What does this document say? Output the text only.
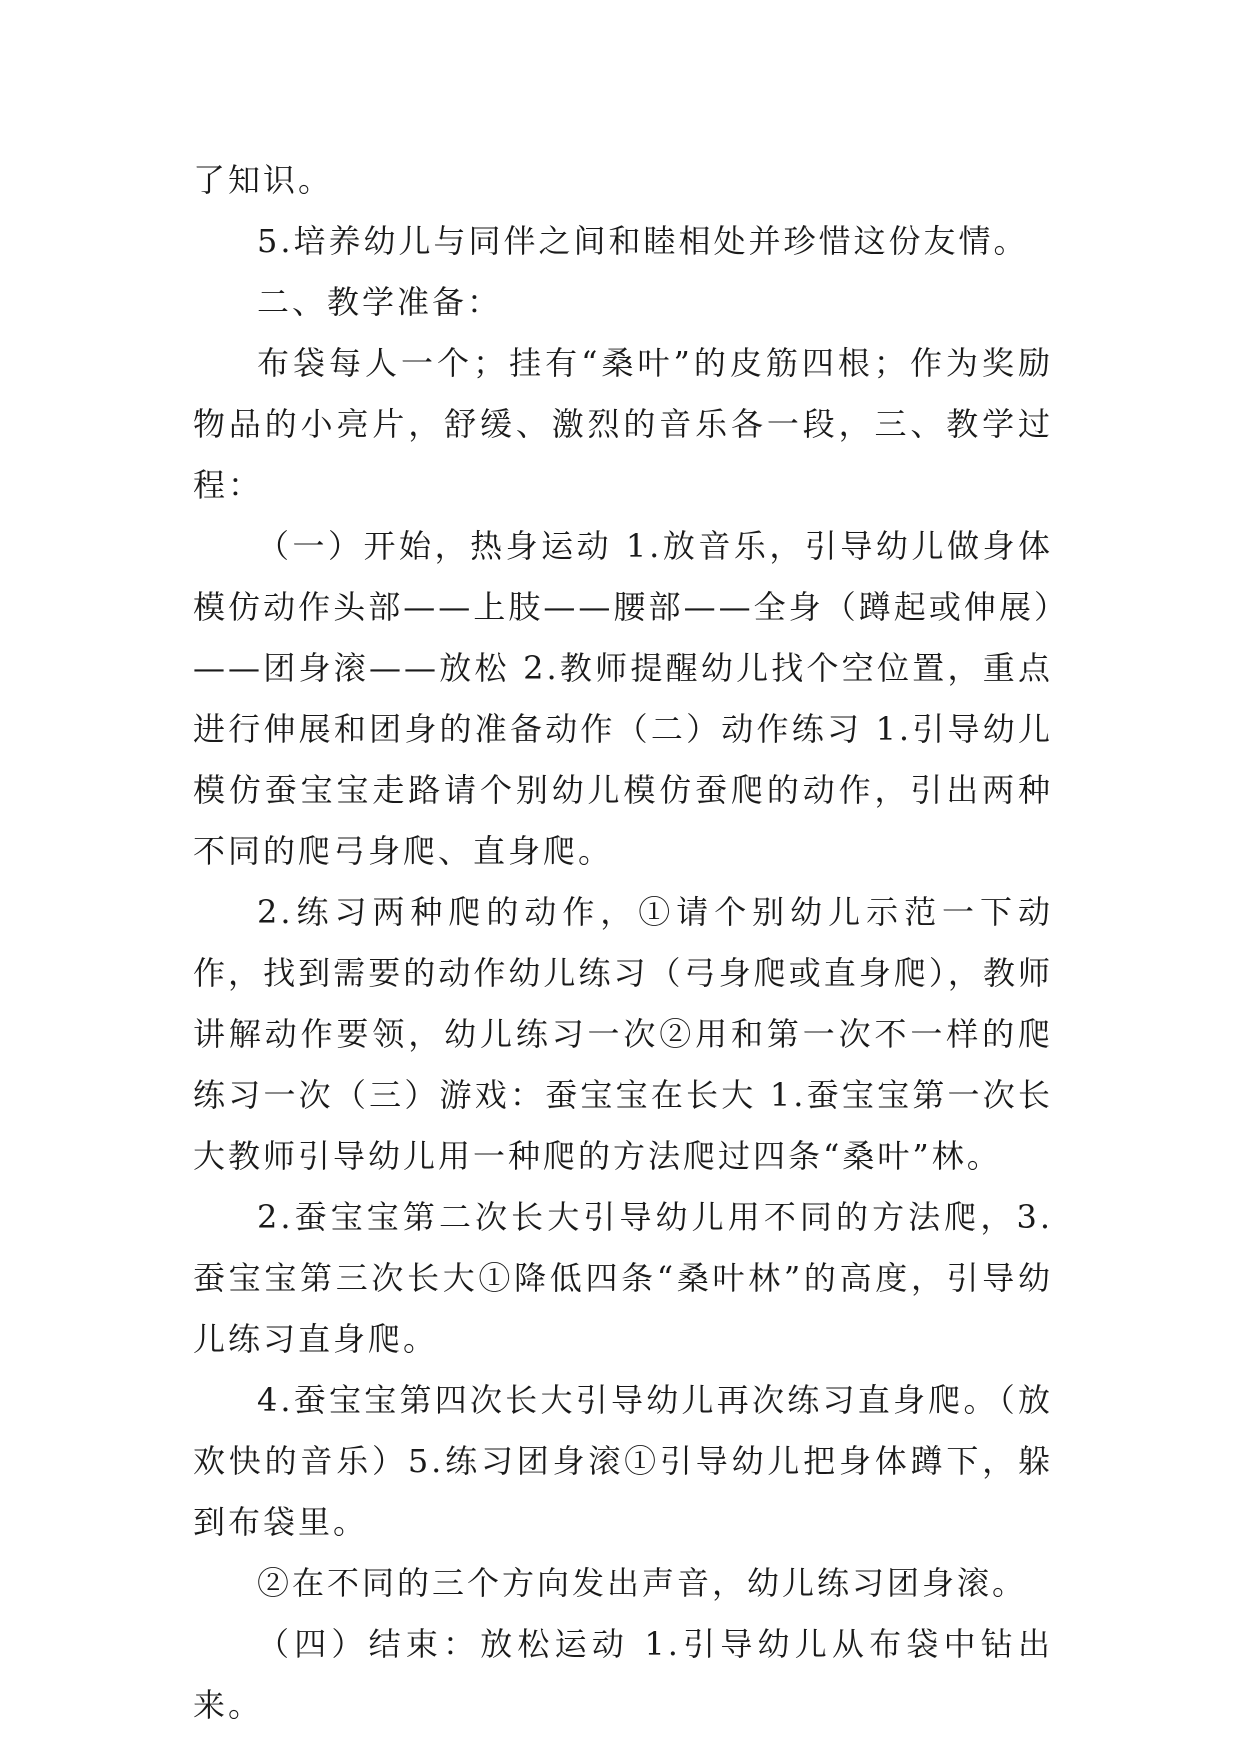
了知识。

5.培养幼儿与同伴之间和睦相处并珍惜这份友情。

二、教学准备：

布袋每人一个；挂有“桑叶”的皮筋四根；作为奖励物品的小亮片，舒缓、激烈的音乐各一段，三、教学过程：

（一）开始，热身运动 1.放音乐，引导幼儿做身体模仿动作头部——上肢——腰部——全身（蹲起或伸展）——团身滚——放松 2.教师提醒幼儿找个空位置，重点进行伸展和团身的准备动作（二）动作练习 1.引导幼儿模仿蚕宝宝走路请个别幼儿模仿蚕爬的动作，引出两种不同的爬弓身爬、直身爬。

2.练习两种爬的动作，①请个别幼儿示范一下动作，找到需要的动作幼儿练习（弓身爬或直身爬），教师讲解动作要领，幼儿练习一次②用和第一次不一样的爬练习一次（三）游戏：蚕宝宝在长大 1.蚕宝宝第一次长大教师引导幼儿用一种爬的方法爬过四条“桑叶”林。

2.蚕宝宝第二次长大引导幼儿用不同的方法爬，3.蚕宝宝第三次长大①降低四条“桑叶林”的高度，引导幼儿练习直身爬。

4.蚕宝宝第四次长大引导幼儿再次练习直身爬。（放欢快的音乐）5.练习团身滚①引导幼儿把身体蹲下，躲到布袋里。

②在不同的三个方向发出声音，幼儿练习团身滚。

（四）结束：放松运动 1.引导幼儿从布袋中钻出来。
